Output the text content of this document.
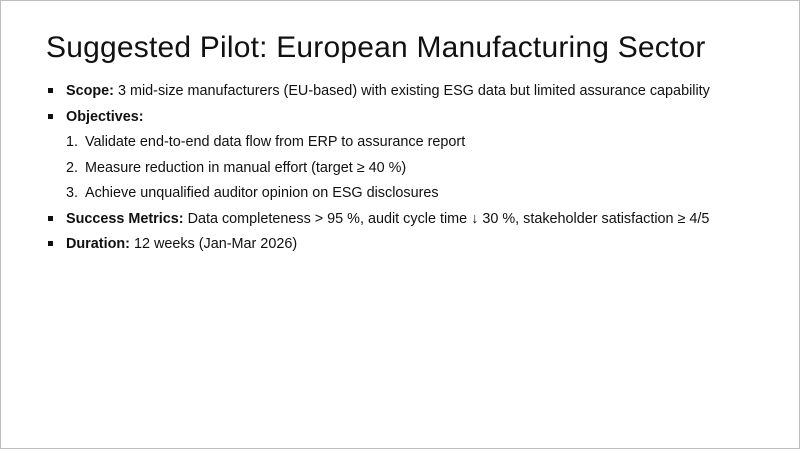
Suggested Pilot: European Manufacturing Sector
Scope: 3 mid-size manufacturers (EU-based) with existing ESG data but limited assurance capability
Objectives:
1. Validate end-to-end data flow from ERP to assurance report
2. Measure reduction in manual effort (target ≥ 40 %)
3. Achieve unqualified auditor opinion on ESG disclosures
Success Metrics: Data completeness > 95 %, audit cycle time ↓ 30 %, stakeholder satisfaction ≥ 4/5
Duration: 12 weeks (Jan-Mar 2026)
